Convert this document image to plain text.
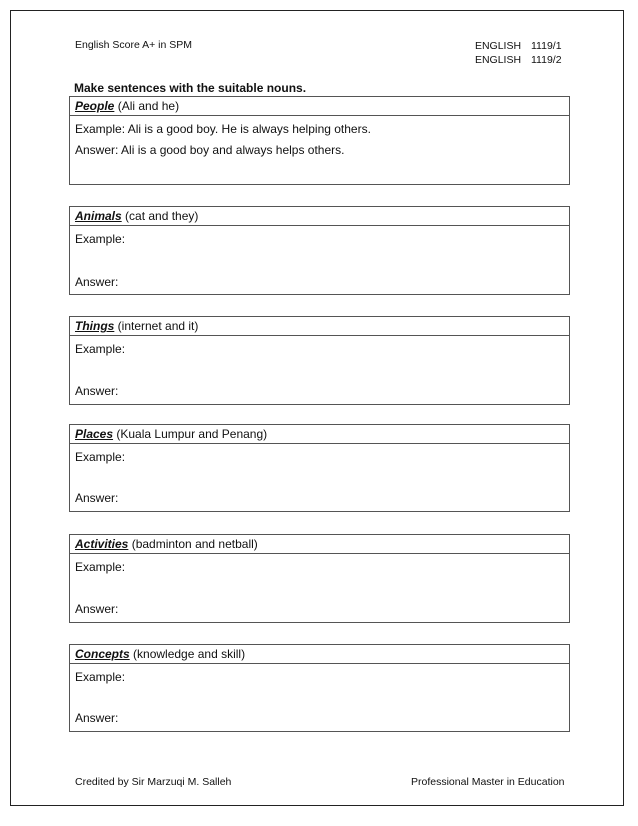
English Score A+ in SPM	ENGLISH 1119/1
ENGLISH 1119/2
Make sentences with the suitable nouns.
People (Ali and he)
Example: Ali is a good boy. He is always helping others.
Answer: Ali is a good boy and always helps others.
Animals (cat and they)
Example:
Answer:
Things (internet and it)
Example:
Answer:
Places (Kuala Lumpur and Penang)
Example:
Answer:
Activities (badminton and netball)
Example:
Answer:
Concepts (knowledge and skill)
Example:
Answer:
Credited by Sir Marzuqi M. Salleh	Professional Master in Education
